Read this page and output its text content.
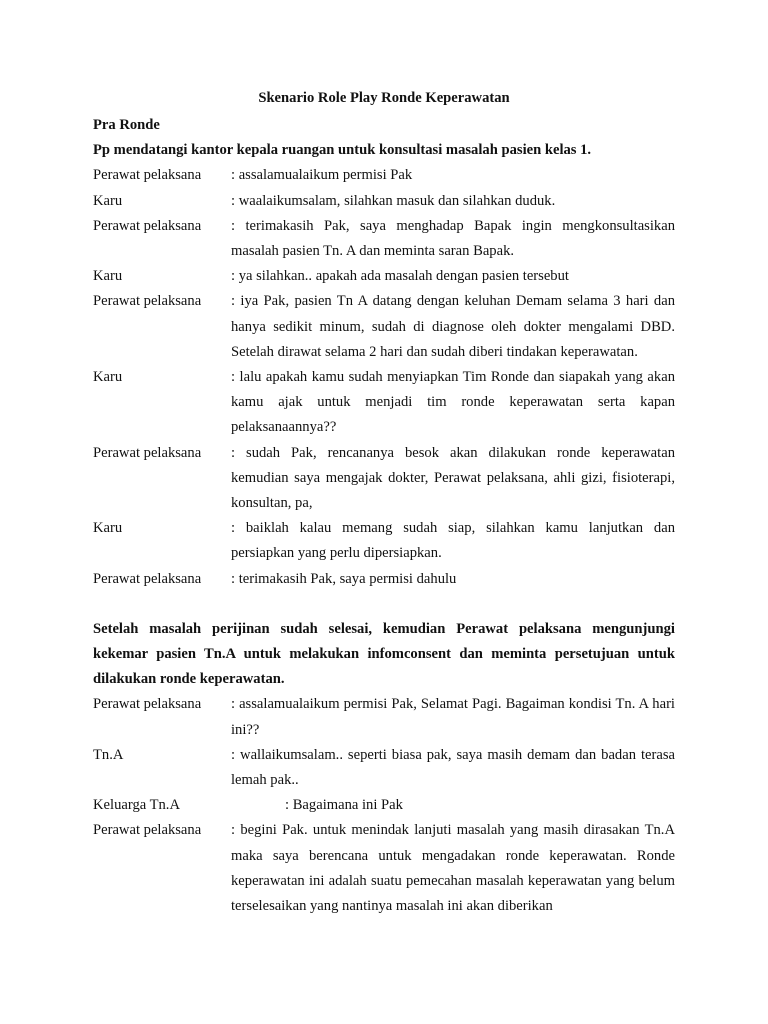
Skenario Role Play Ronde Keperawatan

Pra Ronde

Pp mendatangi kantor kepala ruangan untuk konsultasi masalah pasien kelas 1.

Perawat pelaksana	: assalamualaikum permisi Pak
Karu	: waalaikumsalam, silahkan masuk dan silahkan duduk.
Perawat pelaksana	: terimakasih Pak, saya menghadap Bapak ingin mengkonsultasikan masalah pasien Tn. A dan meminta saran Bapak.
Karu	: ya silahkan.. apakah ada masalah dengan pasien tersebut
Perawat pelaksana	: iya Pak, pasien Tn A datang dengan keluhan Demam selama 3 hari dan hanya sedikit minum, sudah di diagnose oleh dokter mengalami DBD. Setelah dirawat selama 2 hari dan sudah diberi tindakan keperawatan.
Karu	: lalu apakah kamu sudah menyiapkan Tim Ronde dan siapakah yang akan kamu ajak untuk menjadi tim ronde keperawatan serta kapan pelaksanaannya??
Perawat pelaksana	: sudah Pak, rencananya besok akan dilakukan ronde keperawatan kemudian saya mengajak dokter, Perawat pelaksana, ahli gizi, fisioterapi, konsultan, pa,
Karu	: baiklah kalau memang sudah siap, silahkan kamu lanjutkan dan persiapkan yang perlu dipersiapkan.
Perawat pelaksana	: terimakasih Pak, saya permisi dahulu

Setelah masalah perijinan sudah selesai, kemudian Perawat pelaksana mengunjungi kekemar pasien Tn.A untuk melakukan infomconsent dan meminta persetujuan untuk dilakukan ronde keperawatan.

Perawat pelaksana	: assalamualaikum permisi Pak, Selamat Pagi. Bagaiman kondisi Tn. A hari ini??
Tn.A	: wallaikumsalam.. seperti biasa pak, saya masih demam dan badan terasa lemah pak..
Keluarga Tn.A	: Bagaimana ini Pak
Perawat pelaksana	: begini Pak. untuk menindak lanjuti masalah yang masih dirasakan Tn.A maka saya berencana untuk mengadakan ronde keperawatan. Ronde keperawatan ini adalah suatu pemecahan masalah keperawatan yang belum terselesaikan yang nantinya masalah ini akan diberikan
